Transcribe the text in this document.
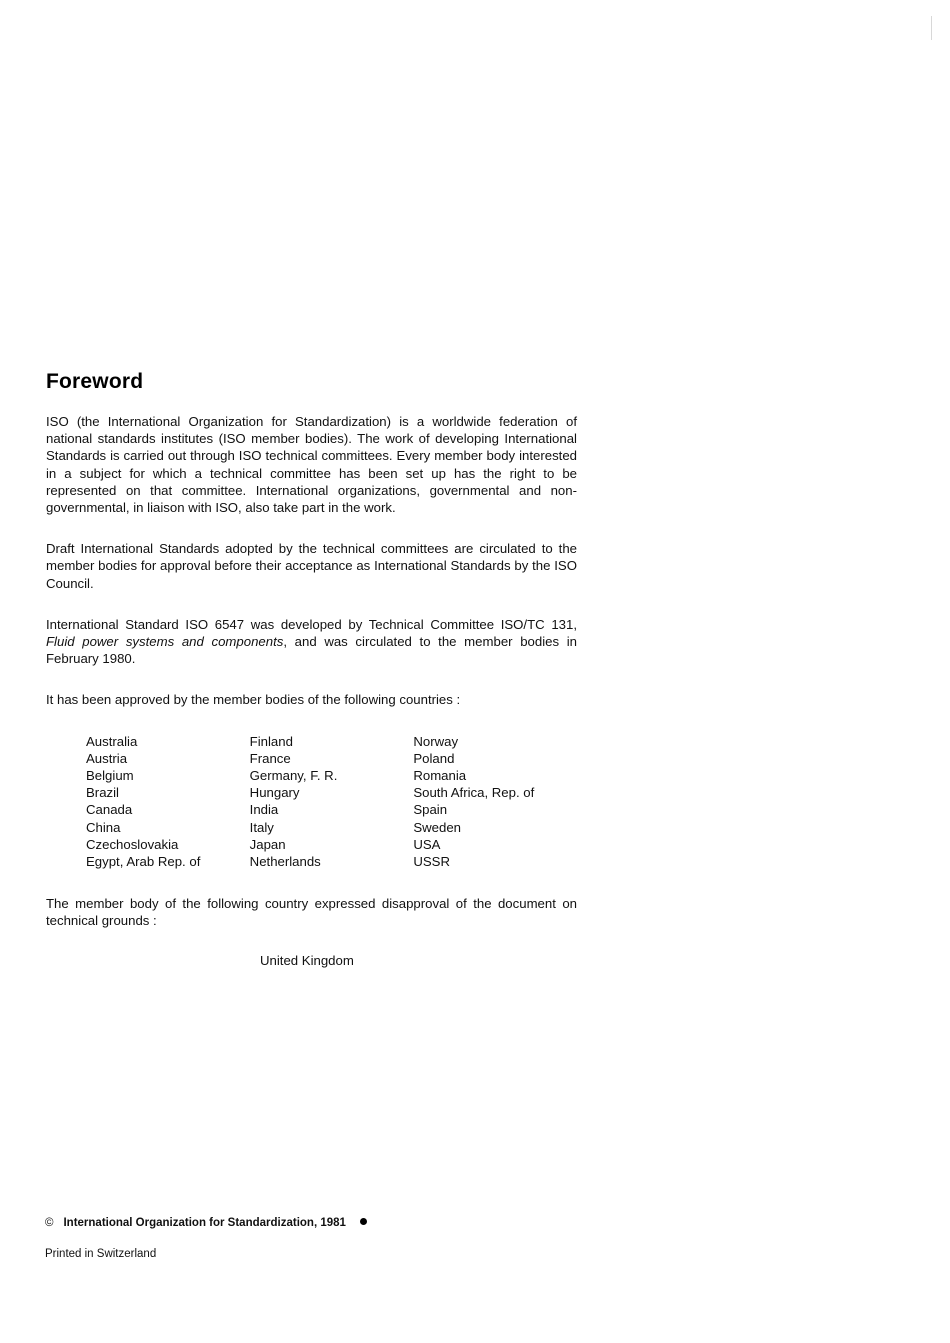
Foreword

ISO (the International Organization for Standardization) is a worldwide federation of national standards institutes (ISO member bodies). The work of developing International Standards is carried out through ISO technical committees. Every member body interested in a subject for which a technical committee has been set up has the right to be represented on that committee. International organizations, governmental and non-governmental, in liaison with ISO, also take part in the work.

Draft International Standards adopted by the technical committees are circulated to the member bodies for approval before their acceptance as International Standards by the ISO Council.

International Standard ISO 6547 was developed by Technical Committee ISO/TC 131, Fluid power systems and components, and was circulated to the member bodies in February 1980.

It has been approved by the member bodies of the following countries :

Australia
Austria
Belgium
Brazil
Canada
China
Czechoslovakia
Egypt, Arab Rep. of
Finland
France
Germany, F. R.
Hungary
India
Italy
Japan
Netherlands
Norway
Poland
Romania
South Africa, Rep. of
Spain
Sweden
USA
USSR

The member body of the following country expressed disapproval of the document on technical grounds :

United Kingdom
© International Organization for Standardization, 1981
Printed in Switzerland
